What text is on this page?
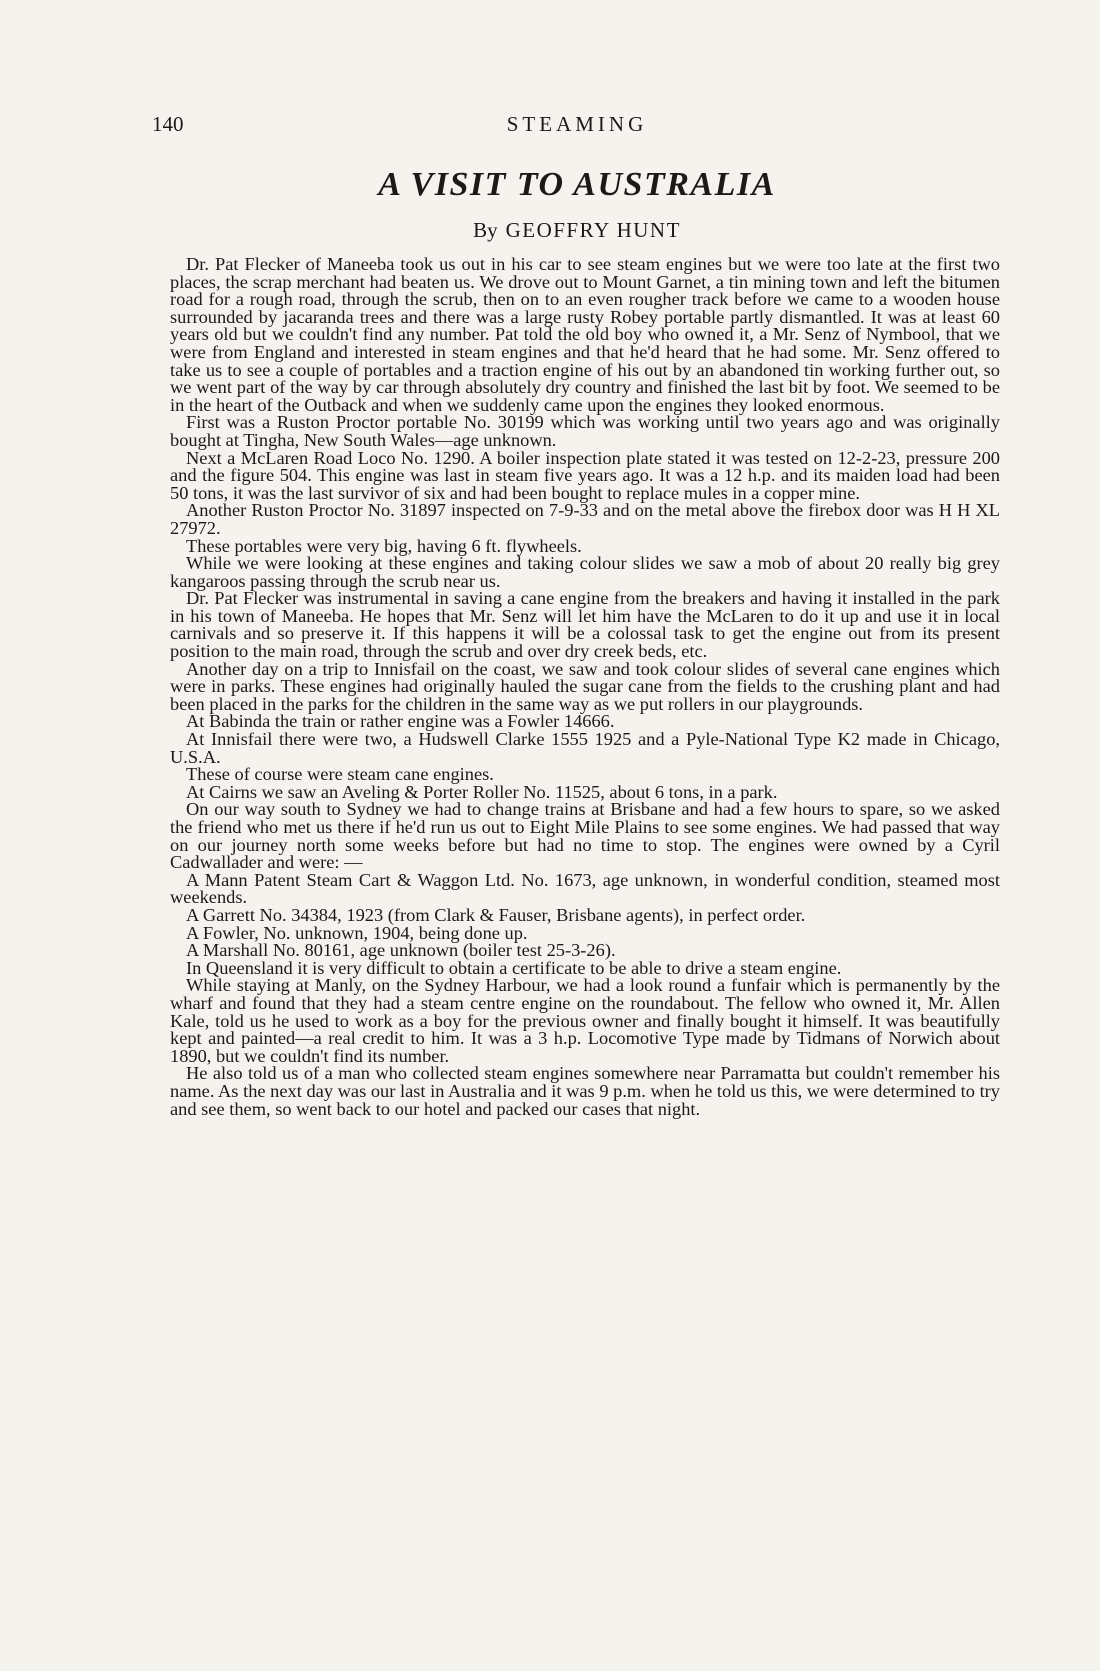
140	STEAMING
A VISIT TO AUSTRALIA
By GEOFFRY HUNT

Dr. Pat Flecker of Maneeba took us out in his car to see steam engines but we were too late at the first two places, the scrap merchant had beaten us. We drove out to Mount Garnet, a tin mining town and left the bitumen road for a rough road, through the scrub, then on to an even rougher track before we came to a wooden house surrounded by jacaranda trees and there was a large rusty Robey portable partly dismantled. It was at least 60 years old but we couldn't find any number. Pat told the old boy who owned it, a Mr. Senz of Nymbool, that we were from England and interested in steam engines and that he'd heard that he had some. Mr. Senz offered to take us to see a couple of portables and a traction engine of his out by an abandoned tin working further out, so we went part of the way by car through absolutely dry country and finished the last bit by foot. We seemed to be in the heart of the Outback and when we suddenly came upon the engines they looked enormous.

First was a Ruston Proctor portable No. 30199 which was working until two years ago and was originally bought at Tingha, New South Wales—age unknown.

Next a McLaren Road Loco No. 1290. A boiler inspection plate stated it was tested on 12-2-23, pressure 200 and the figure 504. This engine was last in steam five years ago. It was a 12 h.p. and its maiden load had been 50 tons, it was the last survivor of six and had been bought to replace mules in a copper mine.

Another Ruston Proctor No. 31897 inspected on 7-9-33 and on the metal above the firebox door was H H XL 27972.

These portables were very big, having 6 ft. flywheels.

While we were looking at these engines and taking colour slides we saw a mob of about 20 really big grey kangaroos passing through the scrub near us.

Dr. Pat Flecker was instrumental in saving a cane engine from the breakers and having it installed in the park in his town of Maneeba. He hopes that Mr. Senz will let him have the McLaren to do it up and use it in local carnivals and so preserve it. If this happens it will be a colossal task to get the engine out from its present position to the main road, through the scrub and over dry creek beds, etc.

Another day on a trip to Innisfail on the coast, we saw and took colour slides of several cane engines which were in parks. These engines had originally hauled the sugar cane from the fields to the crushing plant and had been placed in the parks for the children in the same way as we put rollers in our playgrounds.

At Babinda the train or rather engine was a Fowler 14666.

At Innisfail there were two, a Hudswell Clarke 1555 1925 and a Pyle-National Type K2 made in Chicago, U.S.A.

These of course were steam cane engines.

At Cairns we saw an Aveling & Porter Roller No. 11525, about 6 tons, in a park.

On our way south to Sydney we had to change trains at Brisbane and had a few hours to spare, so we asked the friend who met us there if he'd run us out to Eight Mile Plains to see some engines. We had passed that way on our journey north some weeks before but had no time to stop. The engines were owned by a Cyril Cadwallader and were: —

A Mann Patent Steam Cart & Waggon Ltd. No. 1673, age unknown, in wonderful condition, steamed most weekends.

A Garrett No. 34384, 1923 (from Clark & Fauser, Brisbane agents), in perfect order.

A Fowler, No. unknown, 1904, being done up.

A Marshall No. 80161, age unknown (boiler test 25-3-26).

In Queensland it is very difficult to obtain a certificate to be able to drive a steam engine.

While staying at Manly, on the Sydney Harbour, we had a look round a funfair which is permanently by the wharf and found that they had a steam centre engine on the roundabout. The fellow who owned it, Mr. Allen Kale, told us he used to work as a boy for the previous owner and finally bought it himself. It was beautifully kept and painted—a real credit to him. It was a 3 h.p. Locomotive Type made by Tidmans of Norwich about 1890, but we couldn't find its number.

He also told us of a man who collected steam engines somewhere near Parramatta but couldn't remember his name. As the next day was our last in Australia and it was 9 p.m. when he told us this, we were determined to try and see them, so went back to our hotel and packed our cases that night.
